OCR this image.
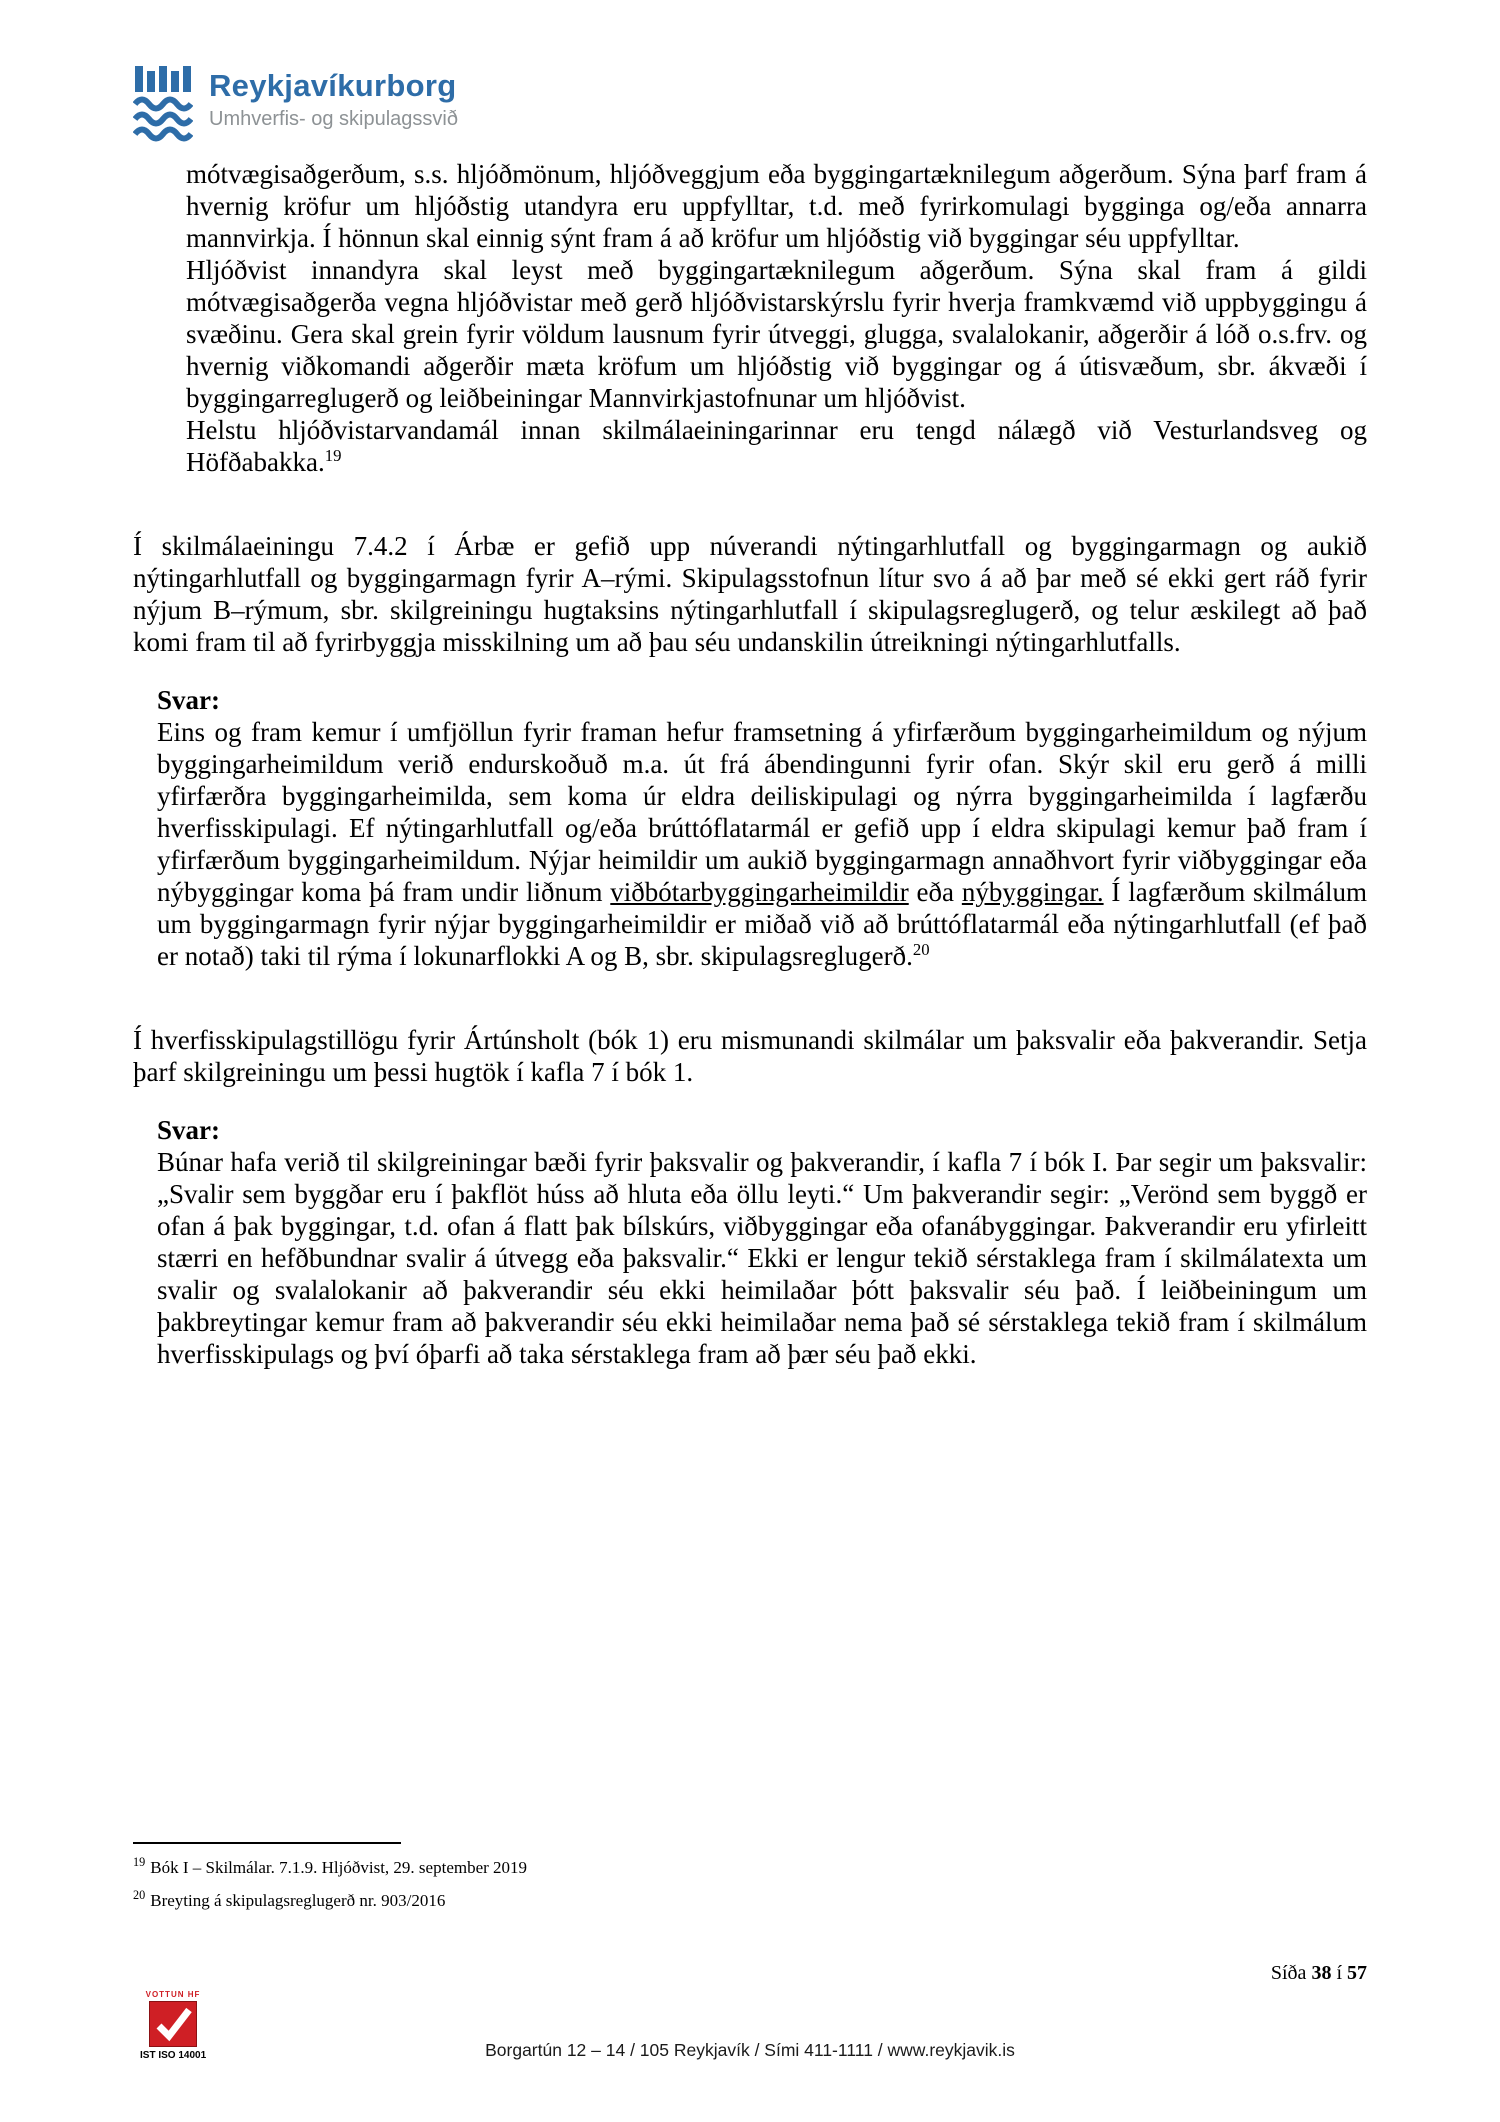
Reykjavíkurborg
Umhverfis- og skipulagssvið

mótvægisaðgerðum, s.s. hljóðmönum, hljóðveggjum eða byggingartæknilegum aðgerðum. Sýna þarf fram á hvernig kröfur um hljóðstig utandyra eru uppfylltar, t.d. með fyrirkomulagi bygginga og/eða annarra mannvirkja. Í hönnun skal einnig sýnt fram á að kröfur um hljóðstig við byggingar séu uppfylltar.

Hljóðvist innandyra skal leyst með byggingartæknilegum aðgerðum. Sýna skal fram á gildi mótvægisaðgerða vegna hljóðvistar með gerð hljóðvistarskýrslu fyrir hverja framkvæmd við uppbyggingu á svæðinu. Gera skal grein fyrir völdum lausnum fyrir útveggi, glugga, svalalokanir, aðgerðir á lóð o.s.frv. og hvernig viðkomandi aðgerðir mæta kröfum um hljóðstig við byggingar og á útisvæðum, sbr. ákvæði í byggingarreglugerð og leiðbeiningar Mannvirkjastofnunar um hljóðvist.

Helstu hljóðvistarvandamál innan skilmálaeiningarinnar eru tengd nálægð við Vesturlandsveg og Höfðabakka.$^{19}$

Í skilmálaeiningu 7.4.2 í Árbæ er gefið upp núverandi nýtingarhlutfall og byggingarmagn og aukið nýtingarhlutfall og byggingarmagn fyrir A–rými. Skipulagsstofnun lítur svo á að þar með sé ekki gert ráð fyrir nýjum B–rýmum, sbr. skilgreiningu hugtaksins nýtingarhlutfall í skipulagsreglugerð, og telur æskilegt að það komi fram til að fyrirbyggja misskilning um að þau séu undanskilin útreikningi nýtingarhlutfalls.

Svar:

Eins og fram kemur í umfjöllun fyrir framan hefur framsetning á yfirfærðum byggingarheimildum og nýjum byggingarheimildum verið endurskoðuð m.a. út frá ábendingunni fyrir ofan. Skýr skil eru gerð á milli yfirfærðra byggingarheimilda, sem koma úr eldra deiliskipulagi og nýrra byggingarheimilda í lagfærðu hverfisskipulagi. Ef nýtingarhlutfall og/eða brúttóflatarmál er gefið upp í eldra skipulagi kemur það fram í yfirfærðum byggingarheimildum. Nýjar heimildir um aukið byggingarmagn annaðhvort fyrir viðbyggingar eða nýbyggingar koma þá fram undir liðnum viðbótarbyggingarheimildir eða nýbyggingar. Í lagfærðum skilmálum um byggingarmagn fyrir nýjar byggingarheimildir er miðað við að brúttóflatarmál eða nýtingarhlutfall (ef það er notað) taki til rýma í lokunarflokki A og B, sbr. skipulagsreglugerð.$^{20}$

Í hverfisskipulagstillögu fyrir Ártúnsholt (bók 1) eru mismunandi skilmálar um þaksvalir eða þakverandir. Setja þarf skilgreiningu um þessi hugtök í kafla 7 í bók 1.

Svar:

Búnar hafa verið til skilgreiningar bæði fyrir þaksvalir og þakverandir, í kafla 7 í bók I. Þar segir um þaksvalir: „Svalir sem byggðar eru í þakflöt húss að hluta eða öllu leyti.“ Um þakverandir segir: „Verönd sem byggð er ofan á þak byggingar, t.d. ofan á flatt þak bílskúrs, viðbyggingar eða ofanábyggingar. Þakverandir eru yfirleitt stærri en hefðbundnar svalir á útvegg eða þaksvalir.“ Ekki er lengur tekið sérstaklega fram í skilmálatexta um svalir og svalalokanir að þakverandir séu ekki heimilaðar þótt þaksvalir séu það. Í leiðbeiningum um þakbreytingar kemur fram að þakverandir séu ekki heimilaðar nema það sé sérstaklega tekið fram í skilmálum hverfisskipulags og því óþarfi að taka sérstaklega fram að þær séu það ekki.

$^{19}$ Bók I – Skilmálar. 7.1.9. Hljóðvist, 29. september 2019

$^{20}$ Breyting á skipulagsreglugerð nr. 903/2016

Síða 38 í 57
VOTTUN HF
IST ISO 14001	Borgartún 12 – 14 / 105 Reykjavík / Sími 411-1111 / www.reykjavik.is
